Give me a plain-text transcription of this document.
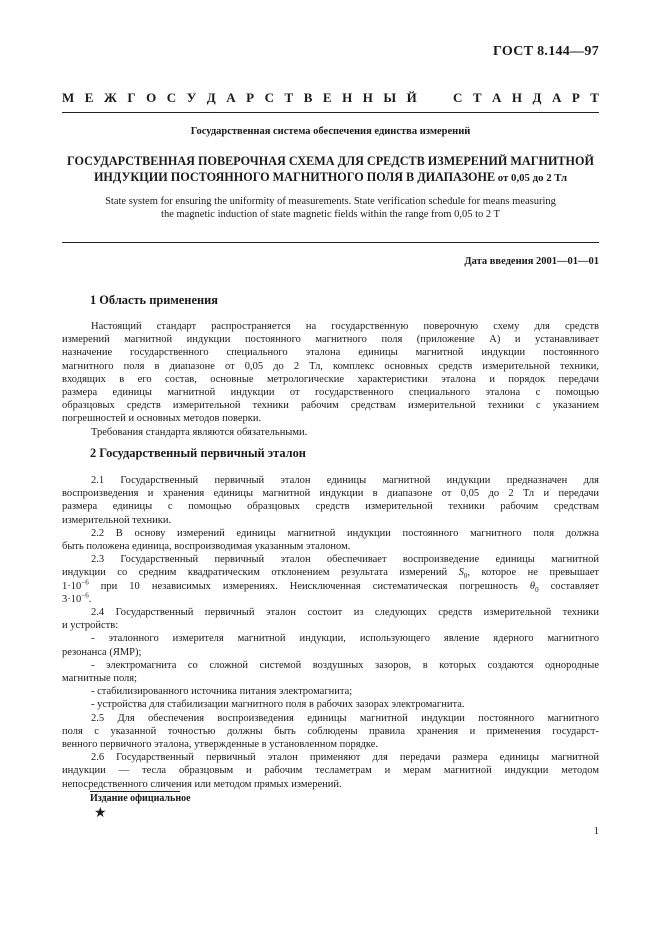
ГОСТ 8.144—97
М Е Ж Г О С У Д А Р С Т В Е Н Н Ы Й	С Т А Н Д А Р Т
Государственная система обеспечения единства измерений
ГОСУДАРСТВЕННАЯ ПОВЕРОЧНАЯ СХЕМА ДЛЯ СРЕДСТВ ИЗМЕРЕНИЙ МАГНИТНОЙ
ИНДУКЦИИ ПОСТОЯННОГО МАГНИТНОГО ПОЛЯ В ДИАПАЗОНЕ от 0,05 до 2 Тл
State system for ensuring the uniformity of measurements. State verification schedule for means measuring
the magnetic induction of state magnetic fields within the range from 0,05 to 2 T
Дата введения 2001—01—01
1 Область применения
Настоящий стандарт распространяется на государственную поверочную схему для средств
измерений магнитной индукции постоянного магнитного поля (приложение А) и устанавливает
назначение государственного специального эталона единицы магнитной индукции постоянного
магнитного поля в диапазоне от 0,05 до 2 Тл, комплекс основных средств измерительной техники,
входящих в его состав, основные метрологические характеристики эталона и порядок передачи
размера единицы магнитной индукции от государственного специального эталона с помощью
образцовых средств измерительной техники рабочим средствам измерительной техники с указанием
погрешностей и основных методов поверки.
Требования стандарта являются обязательными.
2 Государственный первичный эталон
2.1 Государственный первичный эталон единицы магнитной индукции предназначен для
воспроизведения и хранения единицы магнитной индукции в диапазоне от 0,05 до 2 Тл и передачи
размера единицы с помощью образцовых средств измерительной техники рабочим средствам
измерительной техники.
2.2 В основу измерений единицы магнитной индукции постоянного магнитного поля должна
быть положена единица, воспроизводимая указанным эталоном.
2.3 Государственный первичный эталон обеспечивает воспроизведение единицы магнитной
индукции со средним квадратическим отклонением результата измерений $S_0$, которое не превышает
$1\cdot 10^{-6}$ при 10 независимых измерениях. Неисключенная систематическая погрешность $\theta_0$ составляет
$3\cdot 10^{-6}$.
2.4 Государственный первичный эталон состоит из следующих средств измерительной техники
и устройств:
- эталонного измерителя магнитной индукции, использующего явление ядерного магнитного
резонанса (ЯМР);
- электромагнита со сложной системой воздушных зазоров, в которых создаются однородные
магнитные поля;
- стабилизированного источника питания электромагнита;
- устройства для стабилизации магнитного поля в рабочих зазорах электромагнита.
2.5 Для обеспечения воспроизведения единицы магнитной индукции постоянного магнитного
поля с указанной точностью должны быть соблюдены правила хранения и применения государст-
венного первичного эталона, утвержденные в установленном порядке.
2.6 Государственный первичный эталон применяют для передачи размера единицы магнитной
индукции — тесла образцовым и рабочим тесламетрам и мерам магнитной индукции методом
непосредственного сличения или методом прямых измерений.
Издание официальное
★
1
